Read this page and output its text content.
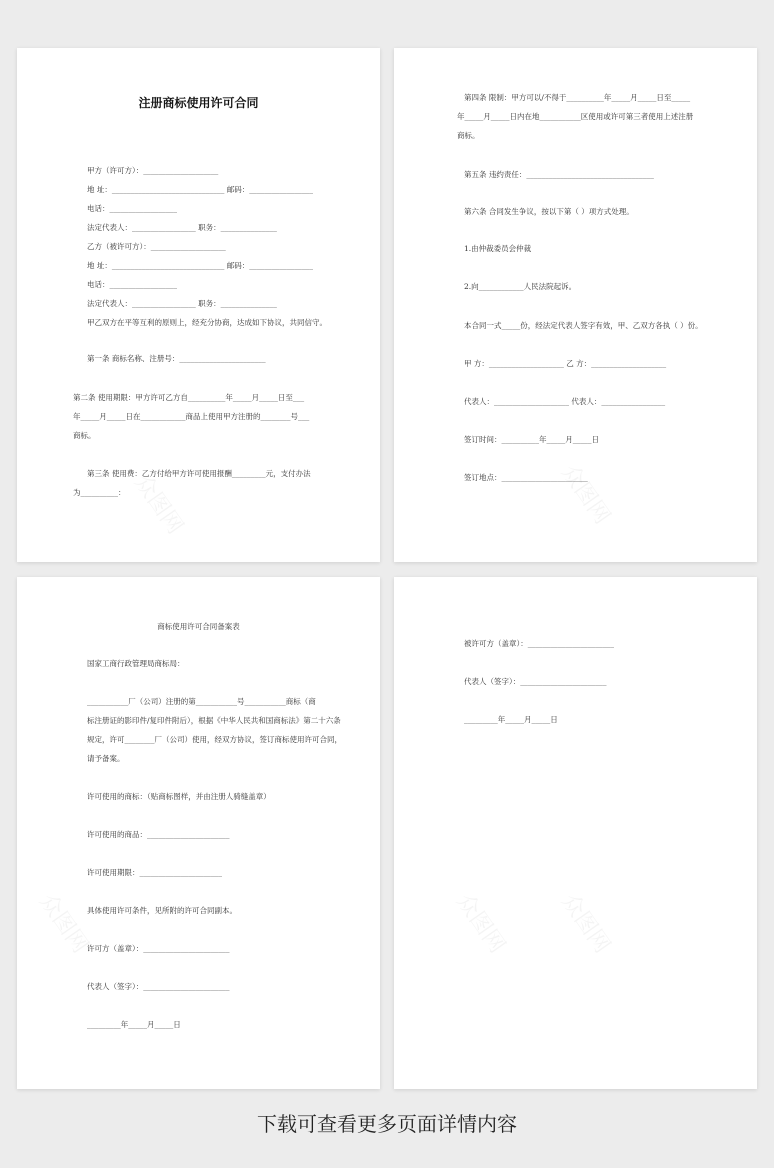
注册商标使用许可合同
甲方（许可方）：____________________
地 址：______________________________ 邮码：_________________
电话：__________________
法定代表人：_________________ 职务：_______________
乙方（被许可方）：____________________
地 址：______________________________ 邮码：_________________
电话：__________________
法定代表人：_________________ 职务：_______________
甲乙双方在平等互利的原则上，经充分协商，达成如下协议，共同信守。
第一条 商标名称、注册号：_______________________
第二条 使用期限：甲方许可乙方自__________年_____月_____日至___
年_____月_____日在____________商品上使用甲方注册的________号___
商标。
第三条 使用费：乙方付给甲方许可使用报酬_________元，支付办法
为__________：
第四条 限制：甲方可以/不得于__________年_____月_____日至_____
年_____月_____日内在地___________区使用或许可第三者使用上述注册
商标。
第五条 违约责任：__________________________________
第六条 合同发生争议，按以下第（ ）项方式处理。
1.由仲裁委员会仲裁
2.向____________人民法院起诉。
本合同一式_____份，经法定代表人签字有效，甲、乙双方各执（ ）份。
甲 方：____________________ 乙 方：____________________
代表人：____________________ 代表人：_________________
签订时间：__________年_____月_____日
签订地点：_______________________
商标使用许可合同备案表
国家工商行政管理局商标局：
___________厂（公司）注册的第___________号___________商标（商
标注册证的影印件/复印件附后），根据《中华人民共和国商标法》第二十六条
规定，许可________厂（公司）使用，经双方协议，签订商标使用许可合同，
请予备案。
许可使用的商标：（贴商标图样，并由注册人骑缝盖章）
许可使用的商品：______________________
许可使用期限：______________________
具体使用许可条件，见所附的许可合同副本。
许可方（盖章）：_______________________
代表人（签字）：_______________________
_________年_____月_____日
被许可方（盖章）：_______________________
代表人（签字）：_______________________
_________年_____月_____日
下载可查看更多页面详情内容
